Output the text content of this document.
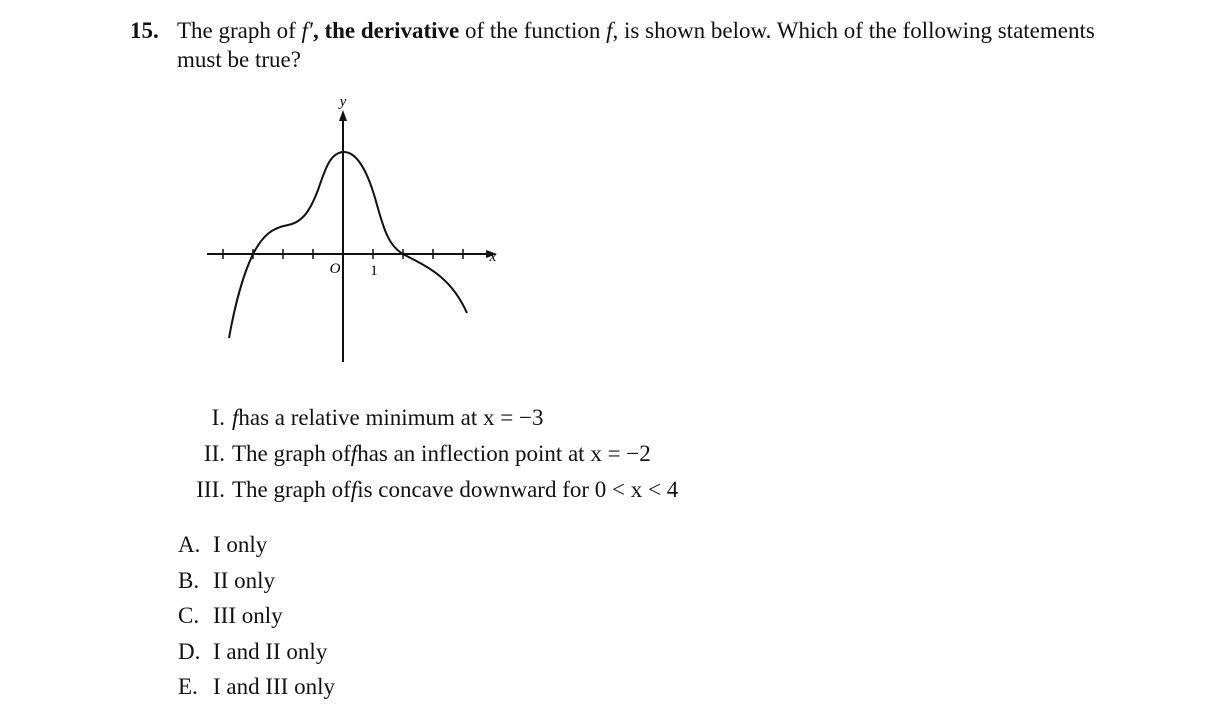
15. The graph of f′, the derivative of the function f, is shown below. Which of the following statements must be true?
y
x
O 1
I. f has a relative minimum at x = −3
II. The graph of f has an inflection point at x = −2
III. The graph of f is concave downward for 0 < x < 4
A. I only
B. II only
C. III only
D. I and II only
E. I and III only
